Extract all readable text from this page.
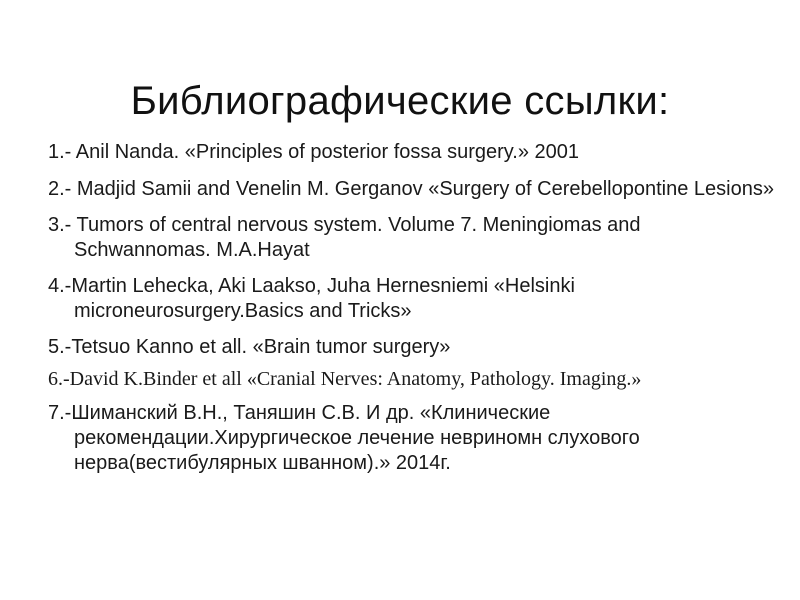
Библиографические ссылки:
1.- Anil Nanda. «Principles of posterior fossa surgery.» 2001
2.- Madjid Samii and Venelin M. Gerganov «Surgery of Cerebellopontine Lesions»
3.- Tumors of central nervous system. Volume 7. Meningiomas and Schwannomas. M.A.Hayat
4.-Martin Lehecka, Aki Laakso, Juha Hernesniemi «Helsinki microneurosurgery.Basics and Tricks»
5.-Tetsuo Kanno et all. «Brain tumor surgery»
6.-David K.Binder et all «Cranial Nerves: Anatomy, Pathology. Imaging.»
7.-Шиманский В.Н., Таняшин С.В. И др. «Клинические рекомендации.Хирургическое лечение невриномн слухового нерва(вестибулярных шванном).» 2014г.
